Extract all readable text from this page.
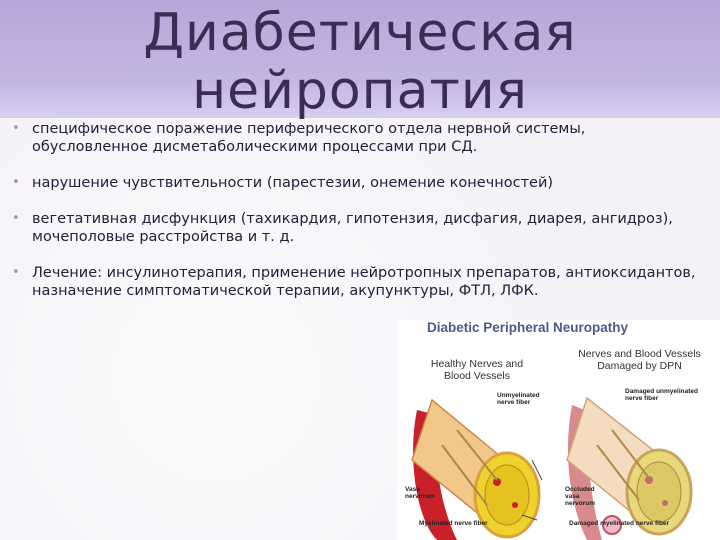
Диабетическая нейропатия
• специфическое поражение периферического отдела нервной системы, обусловленное дисметаболическими процессами при СД.
• нарушение чувствительности (парестезии, онемение конечностей)
• вегетативная дисфункция (тахикардия, гипотензия, дисфагия, диарея, ангидроз), мочеполовые расстройства и т. д.
• Лечение: инсулинотерапия, применение нейротропных препаратов, антиоксидантов, назначение симптоматической терапии, акупунктуры, ФТЛ, ЛФК.
Diabetic Peripheral Neuropathy
Healthy Nerves and Blood Vessels
Nerves and Blood Vessels Damaged by DPN
Unmyelinated nerve fiber
Vasa nervorum
Myelinated nerve fiber
Damaged unmyelinated nerve fiber
Occluded vasa nervorum
Damaged myelinated nerve fiber
